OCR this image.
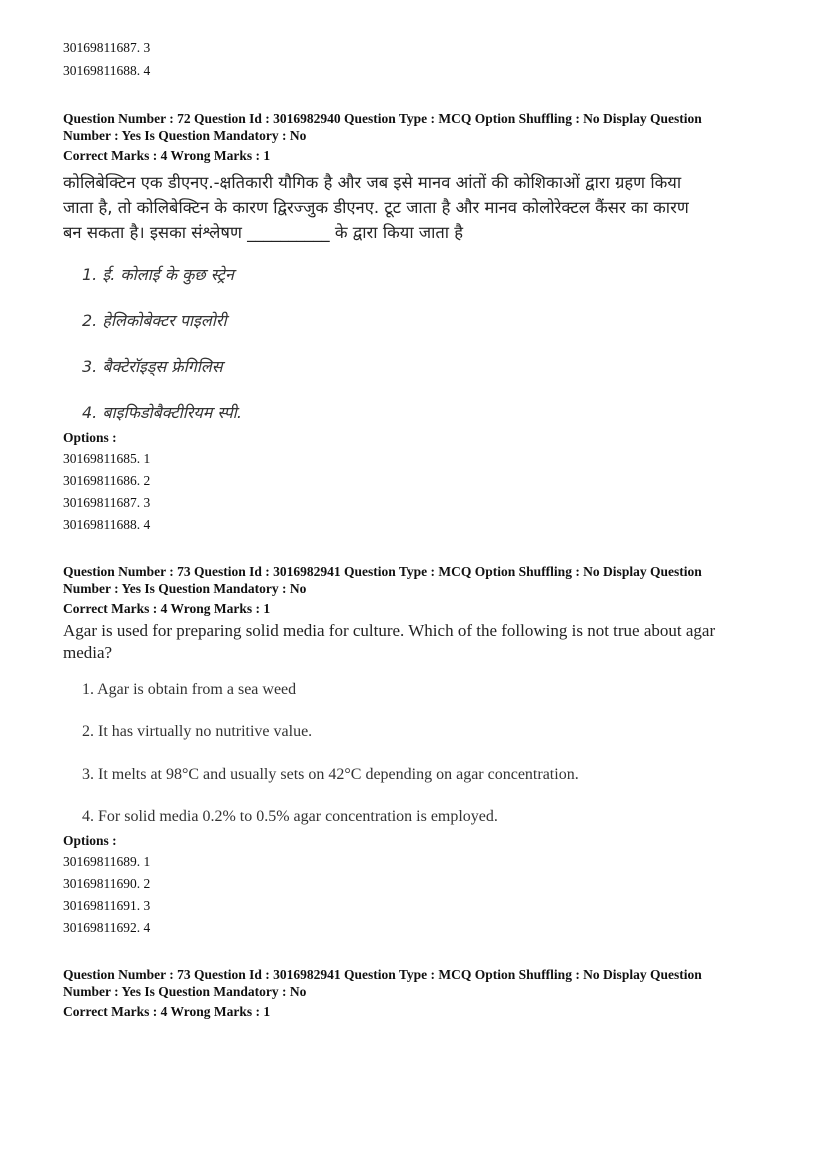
30169811687. 3
30169811688. 4
Question Number : 72 Question Id : 3016982940 Question Type : MCQ Option Shuffling : No Display Question
Number : Yes Is Question Mandatory : No
Correct Marks : 4 Wrong Marks : 1
कोलिबेक्टिन एक डीएनए.-क्षतिकारी यौगिक है और जब इसे मानव आंतों की कोशिकाओं द्वारा ग्रहण किया
जाता है, तो कोलिबेक्टिन के कारण द्विरज्जुक डीएनए. टूट जाता है और मानव कोलोरेक्टल कैंसर का कारण
बन सकता है। इसका संश्लेषण __________ के द्वारा किया जाता है
1. ई. कोलाई के कुछ स्ट्रेन
2. हेलिकोबेक्टर पाइलोरी
3. बैक्टेरॉइड्स फ्रेगिलिस
4. बाइफिडोबैक्टीरियम स्पी.
Options :
30169811685. 1
30169811686. 2
30169811687. 3
30169811688. 4
Question Number : 73 Question Id : 3016982941 Question Type : MCQ Option Shuffling : No Display Question
Number : Yes Is Question Mandatory : No
Correct Marks : 4 Wrong Marks : 1
Agar is used for preparing solid media for culture. Which of the following is not true about agar
media?
1. Agar is obtain from a sea weed
2. It has virtually no nutritive value.
3. It melts at 98°C and usually sets on 42°C depending on agar concentration.
4. For solid media 0.2% to 0.5% agar concentration is employed.
Options :
30169811689. 1
30169811690. 2
30169811691. 3
30169811692. 4
Question Number : 73 Question Id : 3016982941 Question Type : MCQ Option Shuffling : No Display Question
Number : Yes Is Question Mandatory : No
Correct Marks : 4 Wrong Marks : 1
